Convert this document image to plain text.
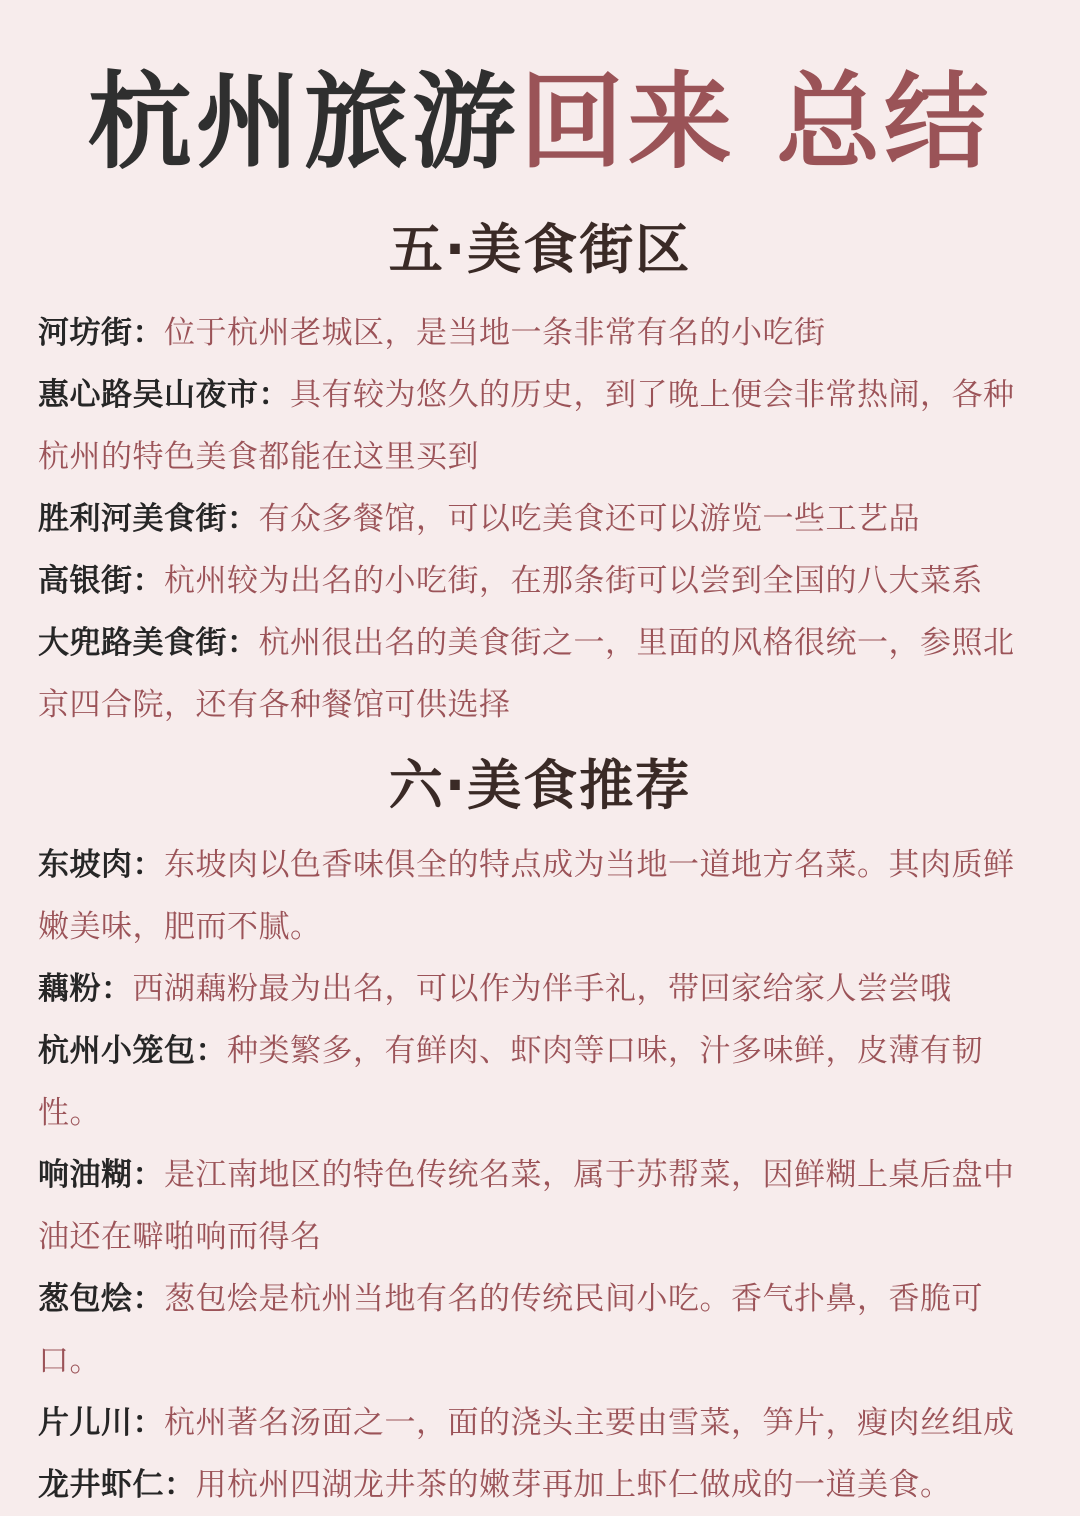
杭州旅游回来 总结
五·美食街区

河坊街：位于杭州老城区，是当地一条非常有名的小吃街

惠心路吴山夜市：具有较为悠久的历史，到了晚上便会非常热闹，各种杭州的特色美食都能在这里买到

胜利河美食街：有众多餐馆，可以吃美食还可以游览一些工艺品

高银街：杭州较为出名的小吃街，在那条街可以尝到全国的八大菜系

大兜路美食街：杭州很出名的美食街之一，里面的风格很统一，参照北京四合院，还有各种餐馆可供选择

六·美食推荐

东坡肉：东坡肉以色香味俱全的特点成为当地一道地方名菜。其肉质鲜嫩美味，肥而不腻。

藕粉：西湖藕粉最为出名，可以作为伴手礼，带回家给家人尝尝哦

杭州小笼包：种类繁多，有鲜肉、虾肉等口味，汁多味鲜，皮薄有韧性。

响油糊：是江南地区的特色传统名菜，属于苏帮菜，因鲜糊上桌后盘中油还在噼啪响而得名

葱包烩：葱包烩是杭州当地有名的传统民间小吃。香气扑鼻，香脆可口。

片儿川：杭州著名汤面之一，面的浇头主要由雪菜，笋片，瘦肉丝组成

龙井虾仁：用杭州四湖龙井茶的嫩芽再加上虾仁做成的一道美食。
